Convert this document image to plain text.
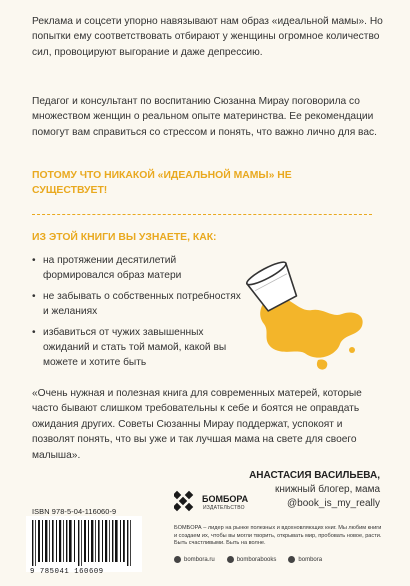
Реклама и соцсети упорно навязывают нам образ «идеальной мамы». Но попытки ему соответствовать отбирают у женщины огромное количество сил, провоцируют выгорание и даже депрессию.

Педагог и консультант по воспитанию Сюзанна Мирау поговорила со множеством женщин о реальном опыте материнства. Ее рекомендации помогут вам справиться со стрессом и понять, что важно лично для вас.

ПОТОМУ ЧТО НИКАКОЙ «ИДЕАЛЬНОЙ МАМЫ» НЕ СУЩЕСТВУЕТ!
ИЗ ЭТОЙ КНИГИ ВЫ УЗНАЕТЕ, КАК:
• на протяжении десятилетий формировался образ матери
• не забывать о собственных потребностях и желаниях
• избавиться от чужих завышенных ожиданий и стать той мамой, какой вы можете и хотите быть

«Очень нужная и полезная книга для современных матерей, которые часто бывают слишком требовательны к себе и боятся не оправдать ожидания других. Советы Сюзанны Мирау поддержат, успокоят и позволят понять, что вы уже и так лучшая мама на свете для своего малыша».

АНАСТАСИЯ ВАСИЛЬЕВА,
книжный блогер, мама
@book_is_my_really
ISBN 978-5-04-116060-9
9 785041 160609
БОМБОРА
ИЗДАТЕЛЬСТВО

БОМБОРА – лидер на рынке полезных и вдохновляющих книг. Мы любим книги и создаем их, чтобы вы могли творить, открывать мир, пробовать новое, расти. Быть счастливыми. Быть на волне.

bombora.ru	bomborabooks	bombora
